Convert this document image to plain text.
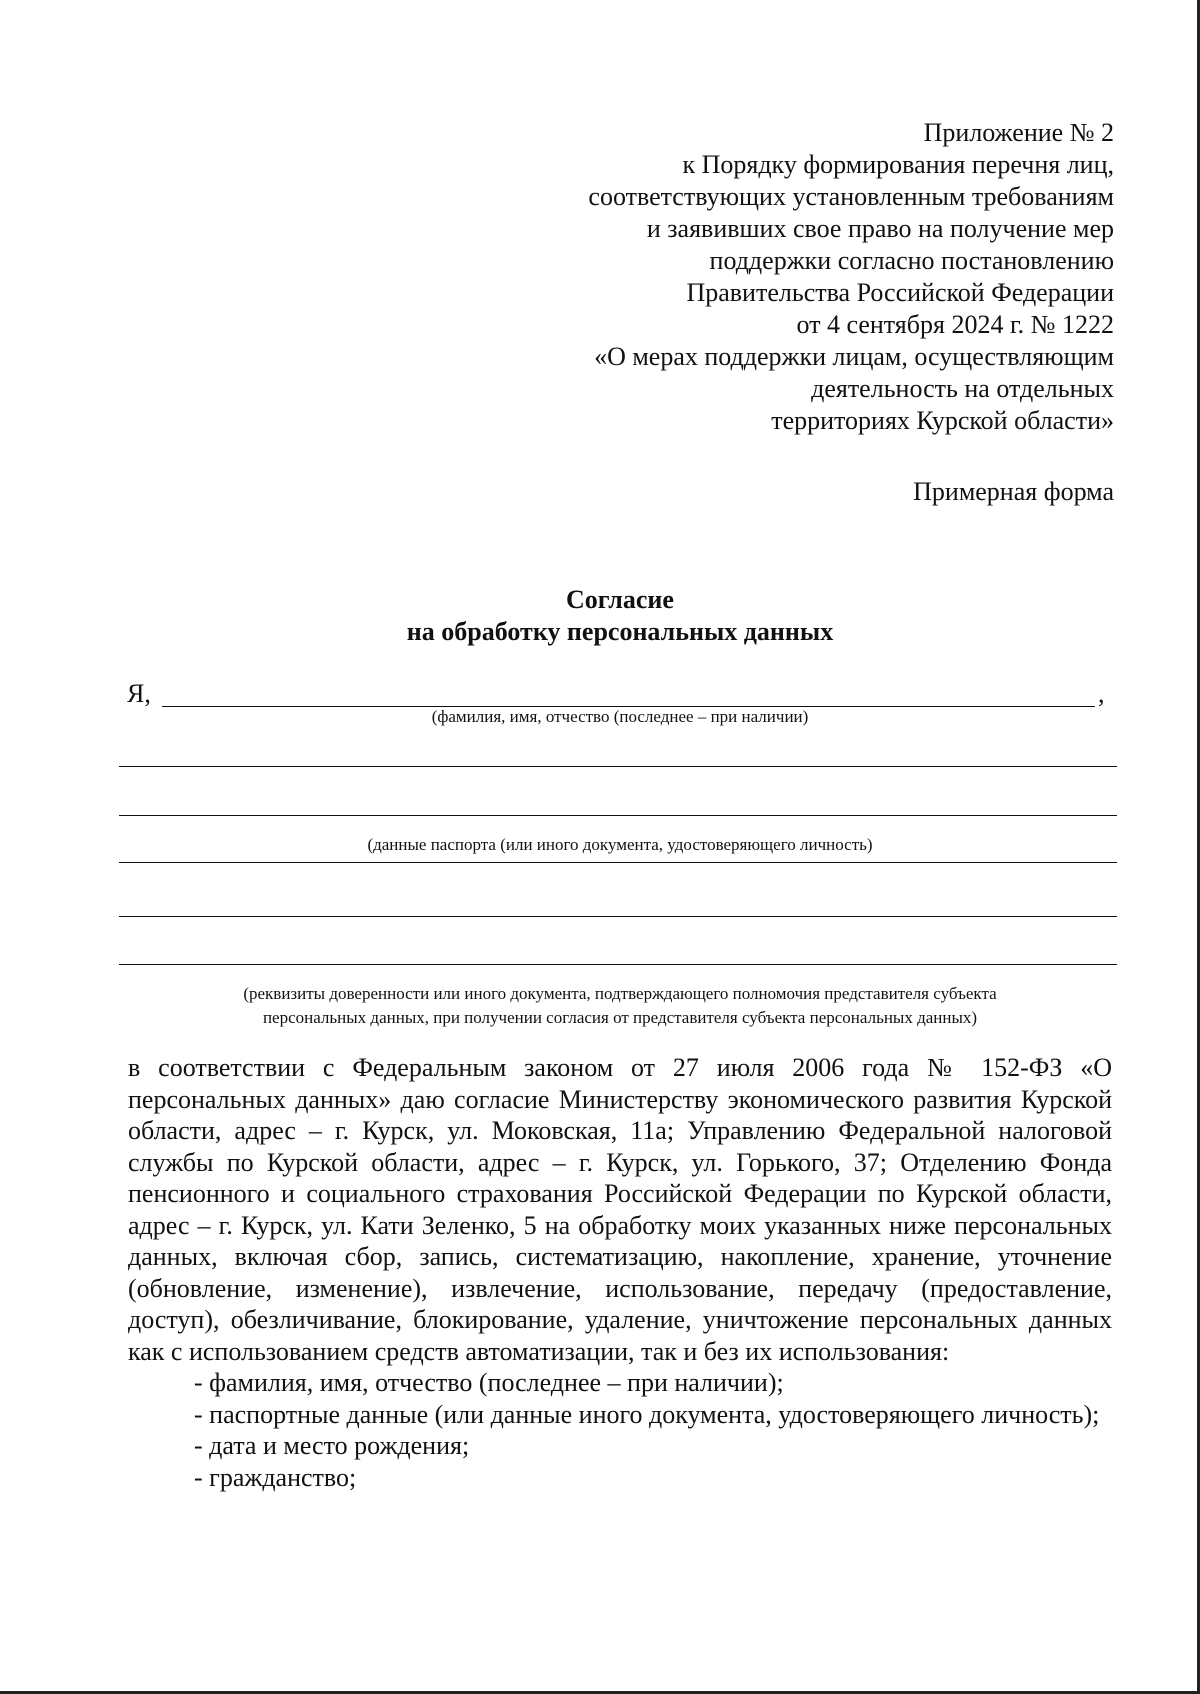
Приложение № 2
к Порядку формирования перечня лиц,
соответствующих установленным требованиям
и заявивших свое право на получение мер
поддержки согласно постановлению
Правительства Российской Федерации
от 4 сентября 2024 г. № 1222
«О мерах поддержки лицам, осуществляющим
деятельность на отдельных
территориях Курской области»
Примерная форма
Согласие
на обработку персональных данных
Я,	,
(фамилия, имя, отчество (последнее – при наличии)
(данные паспорта (или иного документа, удостоверяющего личность)
(реквизиты доверенности или иного документа, подтверждающего полномочия представителя субъекта
персональных данных, при получении согласия от представителя субъекта персональных данных)

в соответствии с Федеральным законом от 27 июля 2006 года № 152-ФЗ «О персональных данных» даю согласие Министерству экономического развития Курской области, адрес – г. Курск, ул. Моковская, 11а; Управлению Федеральной налоговой службы по Курской области, адрес – г. Курск, ул. Горького, 37; Отделению Фонда пенсионного и социального страхования Российской Федерации по Курской области, адрес – г. Курск, ул. Кати Зеленко, 5 на обработку моих указанных ниже персональных данных, включая сбор, запись, систематизацию, накопление, хранение, уточнение (обновление, изменение), извлечение, использование, передачу (предоставление, доступ), обезличивание, блокирование, удаление, уничтожение персональных данных
как с использованием средств автоматизации, так и без их использования:

- фамилия, имя, отчество (последнее – при наличии);

- паспортные данные (или данные иного документа, удостоверяющего личность);

- дата и место рождения;

- гражданство;
